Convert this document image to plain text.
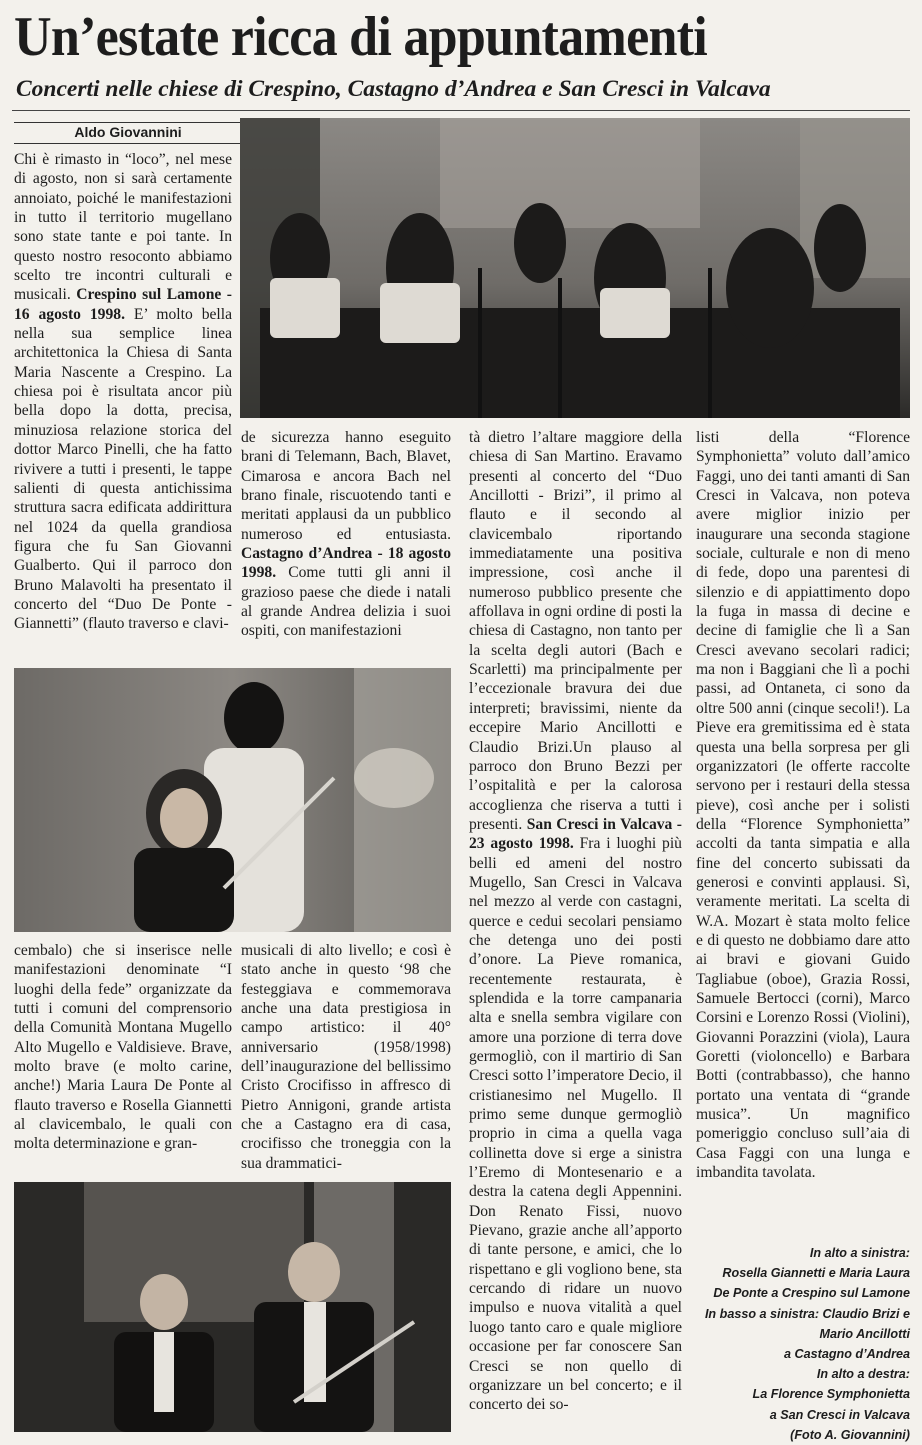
Un’estate ricca di appuntamenti
Concerti nelle chiese di Crespino, Castagno d’Andrea e San Cresci in Valcava
Aldo Giovannini
Chi è rimasto in “loco”, nel mese di agosto, non si sarà certamente annoiato, poiché le manifestazioni in tutto il territorio mugellano sono state tante e poi tante. In questo nostro resoconto abbiamo scelto tre incontri culturali e musicali. Crespino sul Lamone - 16 agosto 1998. E’ molto bella nella sua semplice linea architettonica la Chiesa di Santa Maria Nascente a Crespino. La chiesa poi è risultata ancor più bella dopo la dotta, precisa, minuziosa relazione storica del dottor Marco Pinelli, che ha fatto rivivere a tutti i presenti, le tappe salienti di questa antichissima struttura sacra edificata addirittura nel 1024 da quella grandiosa figura che fu San Giovanni Gualberto. Qui il parroco don Bruno Malavolti ha presentato il concerto del “Duo De Ponte - Giannetti” (flauto traverso e clavi-
de sicurezza hanno eseguito brani di Telemann, Bach, Blavet, Cimarosa e ancora Bach nel brano finale, riscuotendo tanti e meritati applausi da un pubblico numeroso ed entusiasta. Castagno d’Andrea - 18 agosto 1998. Come tutti gli anni il grazioso paese che diede i natali al grande Andrea delizia i suoi ospiti, con manifestazioni
tà dietro l’altare maggiore della chiesa di San Martino. Eravamo presenti al concerto del “Duo Ancillotti - Brizi”, il primo al flauto e il secondo al clavicembalo riportando immediatamente una positiva impressione, così anche il numeroso pubblico presente che affollava in ogni ordine di posti la chiesa di Castagno, non tanto per la scelta degli autori (Bach e Scarletti) ma principalmente per l’eccezionale bravura dei due interpreti; bravissimi, niente da eccepire Mario Ancillotti e Claudio Brizi.Un plauso al parroco don Bruno Bezzi per l’ospitalità e per la calorosa accoglienza che riserva a tutti i presenti. San Cresci in Valcava - 23 agosto 1998. Fra i luoghi più belli ed ameni del nostro Mugello, San Cresci in Valcava nel mezzo al verde con castagni, querce e cedui secolari pensiamo che detenga uno dei posti d’onore. La Pieve romanica, recentemente restaurata, è splendida e la torre campanaria alta e snella sembra vigilare con amore una porzione di terra dove germogliò, con il martirio di San Cresci sotto l’imperatore Decio, il cristianesimo nel Mugello. Il primo seme dunque germogliò proprio in cima a quella vaga collinetta dove si erge a sinistra l’Eremo di Montesenario e a destra la catena degli Appennini. Don Renato Fissi, nuovo Pievano, grazie anche all’apporto di tante persone, e amici, che lo rispettano e gli vogliono bene, sta cercando di ridare un nuovo impulso e nuova vitalità a quel luogo tanto caro e quale migliore occasione per far conoscere San Cresci se non quello di organizzare un bel concerto; e il concerto dei so-
listi della “Florence Symphonietta” voluto dall’amico Faggi, uno dei tanti amanti di San Cresci in Valcava, non poteva avere miglior inizio per inaugurare una seconda stagione sociale, culturale e non di meno di fede, dopo una parentesi di silenzio e di appiattimento dopo la fuga in massa di decine e decine di famiglie che lì a San Cresci avevano secolari radici; ma non i Baggiani che lì a pochi passi, ad Ontaneta, ci sono da oltre 500 anni (cinque secoli!). La Pieve era gremitissima ed è stata questa una bella sorpresa per gli organizzatori (le offerte raccolte servono per i restauri della stessa pieve), così anche per i solisti della “Florence Symphonietta” accolti da tanta simpatia e alla fine del concerto subissati da generosi e convinti applausi. Sì, veramente meritati. La scelta di W.A. Mozart è stata molto felice e di questo ne dobbiamo dare atto ai bravi e giovani Guido Tagliabue (oboe), Grazia Rossi, Samuele Bertocci (corni), Marco Corsini e Lorenzo Rossi (Violini), Giovanni Porazzini (viola), Laura Goretti (violoncello) e Barbara Botti (contrabbasso), che hanno portato una ventata di “grande musica”. Un magnifico pomeriggio concluso sull’aia di Casa Faggi con una lunga e imbandita tavolata.
cembalo) che si inserisce nelle manifestazioni denominate “I luoghi della fede” organizzate da tutti i comuni del comprensorio della Comunità Montana Mugello Alto Mugello e Valdisieve. Brave, molto brave (e molto carine, anche!) Maria Laura De Ponte al flauto traverso e Rosella Giannetti al clavicembalo, le quali con molta determinazione e gran-
musicali di alto livello; e così è stato anche in questo ‘98 che festeggiava e commemorava anche una data prestigiosa in campo artistico: il 40° anniversario (1958/1998) dell’inaugurazione del bellissimo Cristo Crocifisso in affresco di Pietro Annigoni, grande artista che a Castagno era di casa, crocifisso che troneggia con la sua drammatici-
In alto a sinistra:
Rosella Giannetti e Maria Laura
De Ponte a Crespino sul Lamone
In basso a sinistra: Claudio Brizi e
Mario Ancillotti
a Castagno d’Andrea
In alto a destra:
La Florence Symphonietta
a San Cresci in Valcava
(Foto A. Giovannini)
